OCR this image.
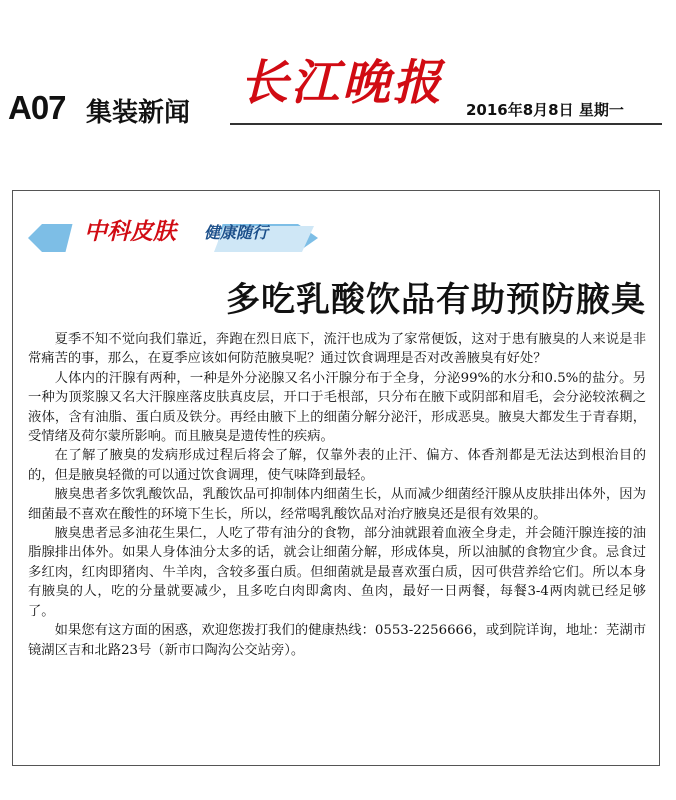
A07 集装新闻
长江晚报 2016年8月8日 星期一
中科皮肤 健康随行
多吃乳酸饮品有助预防腋臭

夏季不知不觉向我们靠近，奔跑在烈日底下，流汗也成为了家常便饭，这对于患有腋臭的人来说是非常痛苦的事，那么，在夏季应该如何防范腋臭呢？通过饮食调理是否对改善腋臭有好处？

人体内的汗腺有两种，一种是外分泌腺又名小汗腺分布于全身，分泌99%的水分和0.5%的盐分。另一种为顶浆腺又名大汗腺座落皮肤真皮层，开口于毛根部，只分布在腋下或阴部和眉毛，会分泌较浓稠之液体，含有油脂、蛋白质及铁分。再经由腋下上的细菌分解分泌汗，形成恶臭。腋臭大都发生于青春期，受情绪及荷尔蒙所影响。而且腋臭是遗传性的疾病。

在了解了腋臭的发病形成过程后将会了解，仅靠外表的止汗、偏方、体香剂都是无法达到根治目的的，但是腋臭轻微的可以通过饮食调理，使气味降到最轻。

腋臭患者多饮乳酸饮品，乳酸饮品可抑制体内细菌生长，从而减少细菌经汗腺从皮肤排出体外，因为细菌最不喜欢在酸性的环境下生长，所以，经常喝乳酸饮品对治疗腋臭还是很有效果的。

腋臭患者忌多油花生果仁，人吃了带有油分的食物，部分油就跟着血液全身走，并会随汗腺连接的油脂腺排出体外。如果人身体油分太多的话，就会让细菌分解，形成体臭，所以油腻的食物宜少食。忌食过多红肉，红肉即猪肉、牛羊肉，含较多蛋白质。但细菌就是最喜欢蛋白质，因可供营养给它们。所以本身有腋臭的人，吃的分量就要减少，且多吃白肉即禽肉、鱼肉，最好一日两餐，每餐3-4两肉就已经足够了。

如果您有这方面的困惑，欢迎您拨打我们的健康热线：0553-2256666，或到院详询，地址：芜湖市镜湖区吉和北路23号（新市口陶沟公交站旁）。
